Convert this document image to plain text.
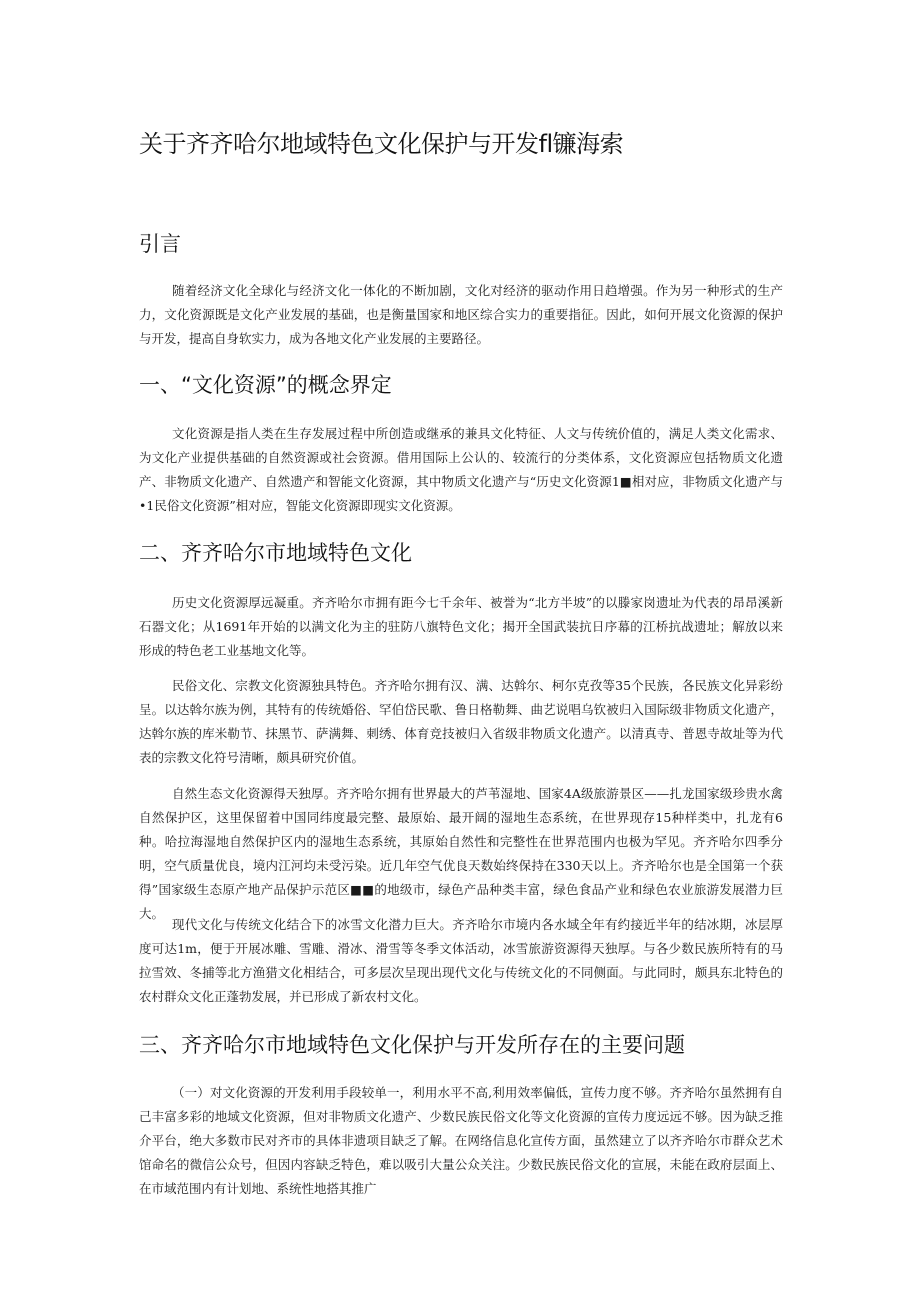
关于齐齐哈尔地域特色文化保护与开发fl镰海索
引言

随着经济文化全球化与经济文化一体化的不断加剧，文化对经济的驱动作用日趋增强。作为另一种形式的生产力，文化资源既是文化产业发展的基础，也是衡量国家和地区综合实力的重要指征。因此，如何开展文化资源的保护与开发，提高自身软实力，成为各地文化产业发展的主要路径。

一、“文化资源”的概念界定

文化资源是指人类在生存发展过程中所创造或继承的兼具文化特征、人文与传统价值的，满足人类文化需求、为文化产业提供基础的自然资源或社会资源。借用国际上公认的、较流行的分类体系，文化资源应包括物质文化遗产、非物质文化遗产、自然遗产和智能文化资源，其中物质文化遗产与“历史文化资源1■相对应，非物质文化遗产与•1民俗文化资源”相对应，智能文化资源即现实文化资源。

二、齐齐哈尔市地域特色文化

历史文化资源厚远凝重。齐齐哈尔市拥有距今七千余年、被誉为“北方半坡”的以滕家岗遗址为代表的昂昂溪新石器文化；从1691年开始的以满文化为主的驻防八旗特色文化；揭开全国武装抗日序幕的江桥抗战遗址；解放以来形成的特色老工业基地文化等。

民俗文化、宗教文化资源独具特色。齐齐哈尔拥有汉、满、达斡尔、柯尔克孜等35个民族，各民族文化异彩纷呈。以达斡尔族为例，其特有的传统婚俗、罕伯岱民歌、鲁日格勒舞、曲艺说唱乌钦被归入国际级非物质文化遗产，达斡尔族的库米勒节、抹黑节、萨满舞、刺绣、体育竞技被归入省级非物质文化遗产。以清真寺、普恩寺故址等为代表的宗教文化符号清晰，颇具研究价值。

自然生态文化资源得天独厚。齐齐哈尔拥有世界最大的芦苇湿地、国家4A级旅游景区——扎龙国家级珍贵水禽自然保护区，这里保留着中国同纬度最完整、最原始、最开阔的湿地生态系统，在世界现存15种样类中，扎龙有6种。哈拉海湿地自然保护区内的湿地生态系统，其原始自然性和完整性在世界范围内也极为罕见。齐齐哈尔四季分明，空气质量优良，境内江河均未受污染。近几年空气优良天数始终保持在330天以上。齐齐哈尔也是全国第一个获得”国家级生态原产地产品保护示范区■■的地级市，绿色产品种类丰富，绿色食品产业和绿色农业旅游发展潜力巨大。

现代文化与传统文化结合下的冰雪文化潜力巨大。齐齐哈尔市境内各水域全年有约接近半年的结冰期，冰层厚度可达1m，便于开展冰雕、雪雕、滑冰、滑雪等冬季文体活动，冰雪旅游资源得天独厚。与各少数民族所特有的马拉雪效、冬捕等北方渔猎文化相结合，可多层次呈现出现代文化与传统文化的不同侧面。与此同时，颇具东北特色的农村群众文化正蓬勃发展，并已形成了新农村文化。

三、齐齐哈尔市地域特色文化保护与开发所存在的主要问题

（一）对文化资源的开发利用手段较单一，利用水平不高,利用效率偏低，宣传力度不够。齐齐哈尔虽然拥有自己丰富多彩的地域文化资源，但对非物质文化遗产、少数民族民俗文化等文化资源的宣传力度远远不够。因为缺乏推介平台，绝大多数市民对齐市的具体非遗项目缺乏了解。在网络信息化宣传方面，虽然建立了以齐齐哈尔市群众艺术馆命名的微信公众号，但因内容缺乏特色，难以吸引大量公众关注。少数民族民俗文化的宣展，未能在政府层面上、在市域范围内有计划地、系统性地搭其推广
